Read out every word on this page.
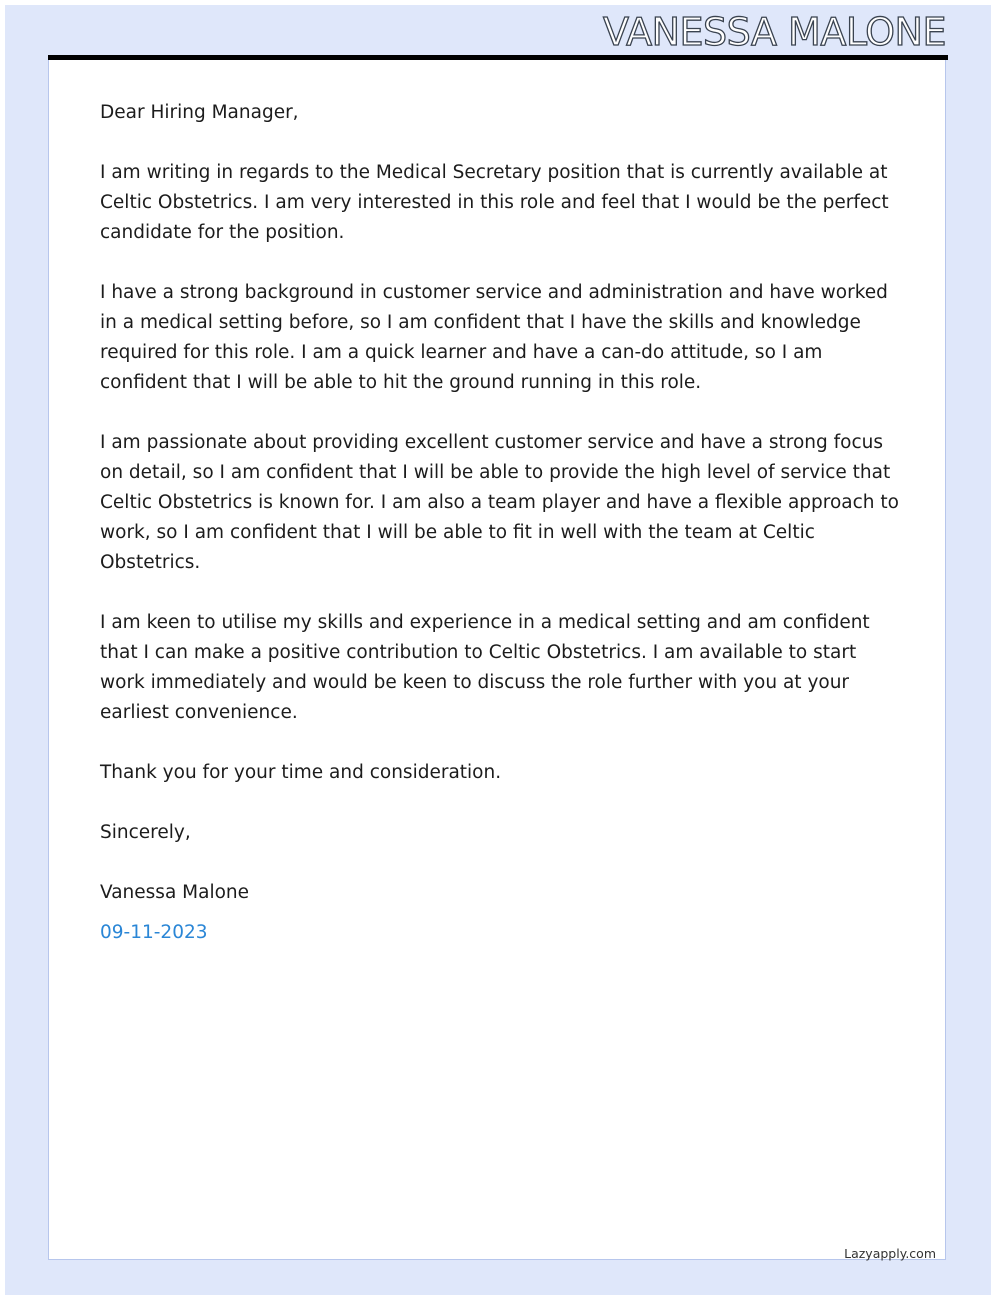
VANESSA MALONE

Dear Hiring Manager,

I am writing in regards to the Medical Secretary position that is currently available at Celtic Obstetrics. I am very interested in this role and feel that I would be the perfect candidate for the position.

I have a strong background in customer service and administration and have worked in a medical setting before, so I am confident that I have the skills and knowledge required for this role. I am a quick learner and have a can-do attitude, so I am confident that I will be able to hit the ground running in this role.

I am passionate about providing excellent customer service and have a strong focus on detail, so I am confident that I will be able to provide the high level of service that Celtic Obstetrics is known for. I am also a team player and have a flexible approach to work, so I am confident that I will be able to fit in well with the team at Celtic Obstetrics.

I am keen to utilise my skills and experience in a medical setting and am confident that I can make a positive contribution to Celtic Obstetrics. I am available to start work immediately and would be keen to discuss the role further with you at your earliest convenience.

Thank you for your time and consideration.

Sincerely,

Vanessa Malone

09-11-2023

Lazyapply.com
